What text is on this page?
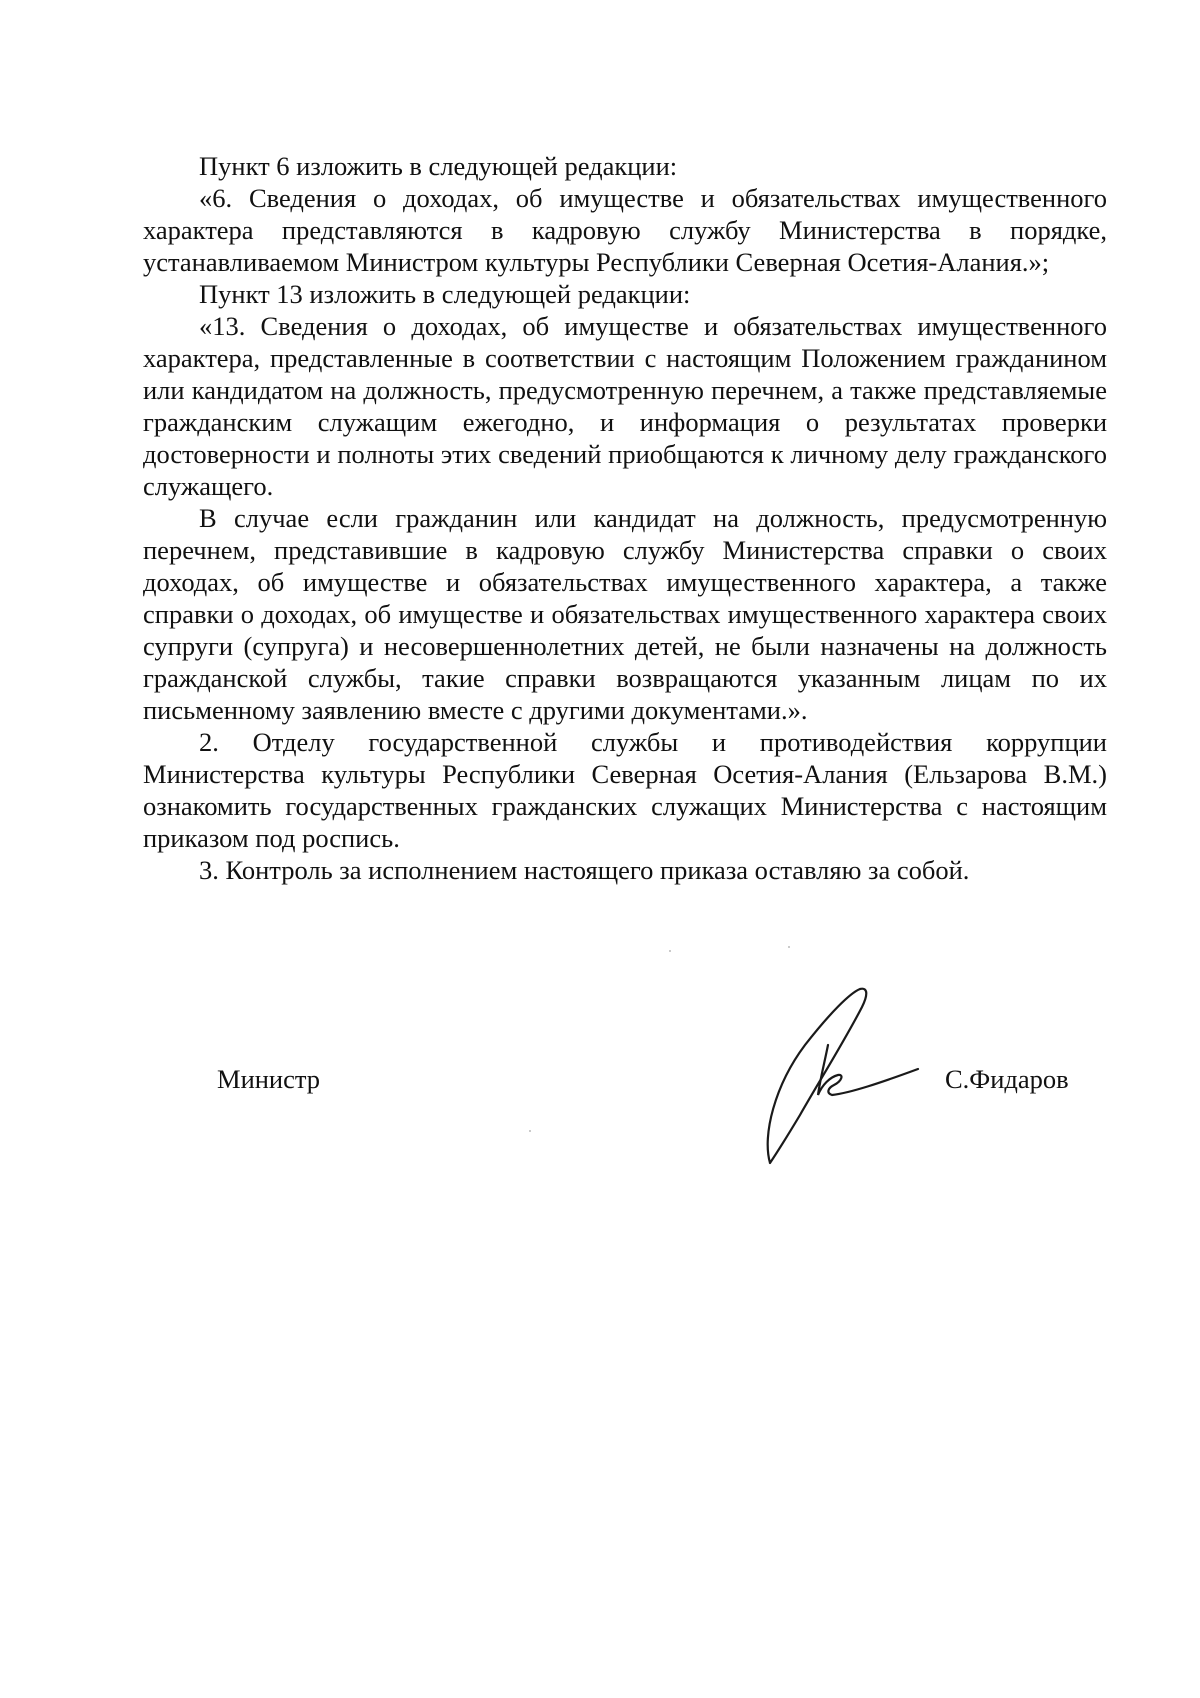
Пункт 6 изложить в следующей редакции:

«6. Сведения о доходах, об имуществе и обязательствах имущественного характера представляются в кадровую службу Министерства в порядке, устанавливаемом Министром культуры Республики Северная Осетия-Алания.»;

Пункт 13 изложить в следующей редакции:

«13. Сведения о доходах, об имуществе и обязательствах имущественного характера, представленные в соответствии с настоящим Положением гражданином или кандидатом на должность, предусмотренную перечнем, а также представляемые гражданским служащим ежегодно, и информация о результатах проверки достоверности и полноты этих сведений приобщаются к личному делу гражданского служащего.

В случае если гражданин или кандидат на должность, предусмотренную перечнем, представившие в кадровую службу Министерства справки о своих доходах, об имуществе и обязательствах имущественного характера, а также справки о доходах, об имуществе и обязательствах имущественного характера своих супруги (супруга) и несовершеннолетних детей, не были назначены на должность гражданской службы, такие справки возвращаются указанным лицам по их письменному заявлению вместе с другими документами.».

2. Отделу государственной службы и противодействия коррупции Министерства культуры Республики Северная Осетия-Алания (Ельзарова В.М.) ознакомить государственных гражданских служащих Министерства с настоящим приказом под роспись.

3. Контроль за исполнением настоящего приказа оставляю за собой.

Министр	С.Фидаров
